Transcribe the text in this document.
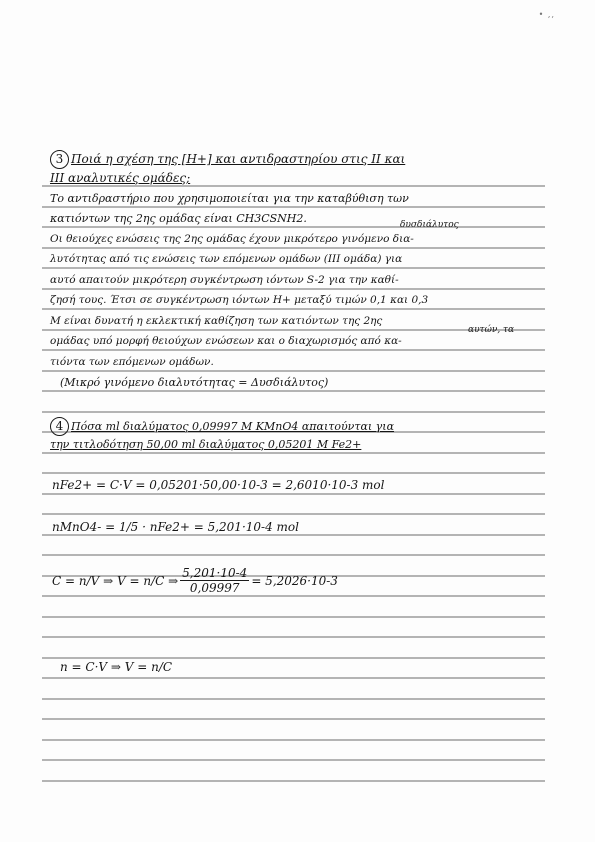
• ,,
3 Ποιά η σχέση της [H+] και αντιδραστηρίου στις II και
III αναλυτικές ομάδες;
Το αντιδραστήριο που χρησιμοποιείται για την καταβύθιση των
κατιόντων της 2ης ομάδας είναι CH3CSNH2.	δυσδιάλυτος
Οι θειούχες ενώσεις της 2ης ομάδας έχουν μικρότερο γινόμενο δια-
λυτότητας από τις ενώσεις των επόμενων ομάδων (III ομάδα) για
αυτό απαιτούν μικρότερη συγκέντρωση ιόντων S-2 για την καθί-
ζησή τους. Έτσι σε συγκέντρωση ιόντων H+ μεταξύ τιμών 0,1 και 0,3
M είναι δυνατή η εκλεκτική καθίζηση των κατιόντων της 2ης
αυτών, τα
ομάδας υπό μορφή θειούχων ενώσεων και ο διαχωρισμός από κα-
τιόντα των επόμενων ομάδων.
(Μικρό γινόμενο διαλυτότητας = Δυσδιάλυτος)
4 Πόσα ml διαλύματος 0,09997 M KMnO4 απαιτούνται για
την τιτλοδότηση 50,00 ml διαλύματος 0,05201 M Fe2+
nFe2+ = C·V = 0,05201·50,00·10-3 = 2,6010·10-3 mol
nMnO4- = 1/5 · nFe2+ = 5,201·10-4 mol
C = n/V ⇒ V = n/C ⇒ $\frac{5,201\cdot 10-4}{0,09997} = 5,2026\cdot 10-3$
n = C·V ⇒ V = n/C
